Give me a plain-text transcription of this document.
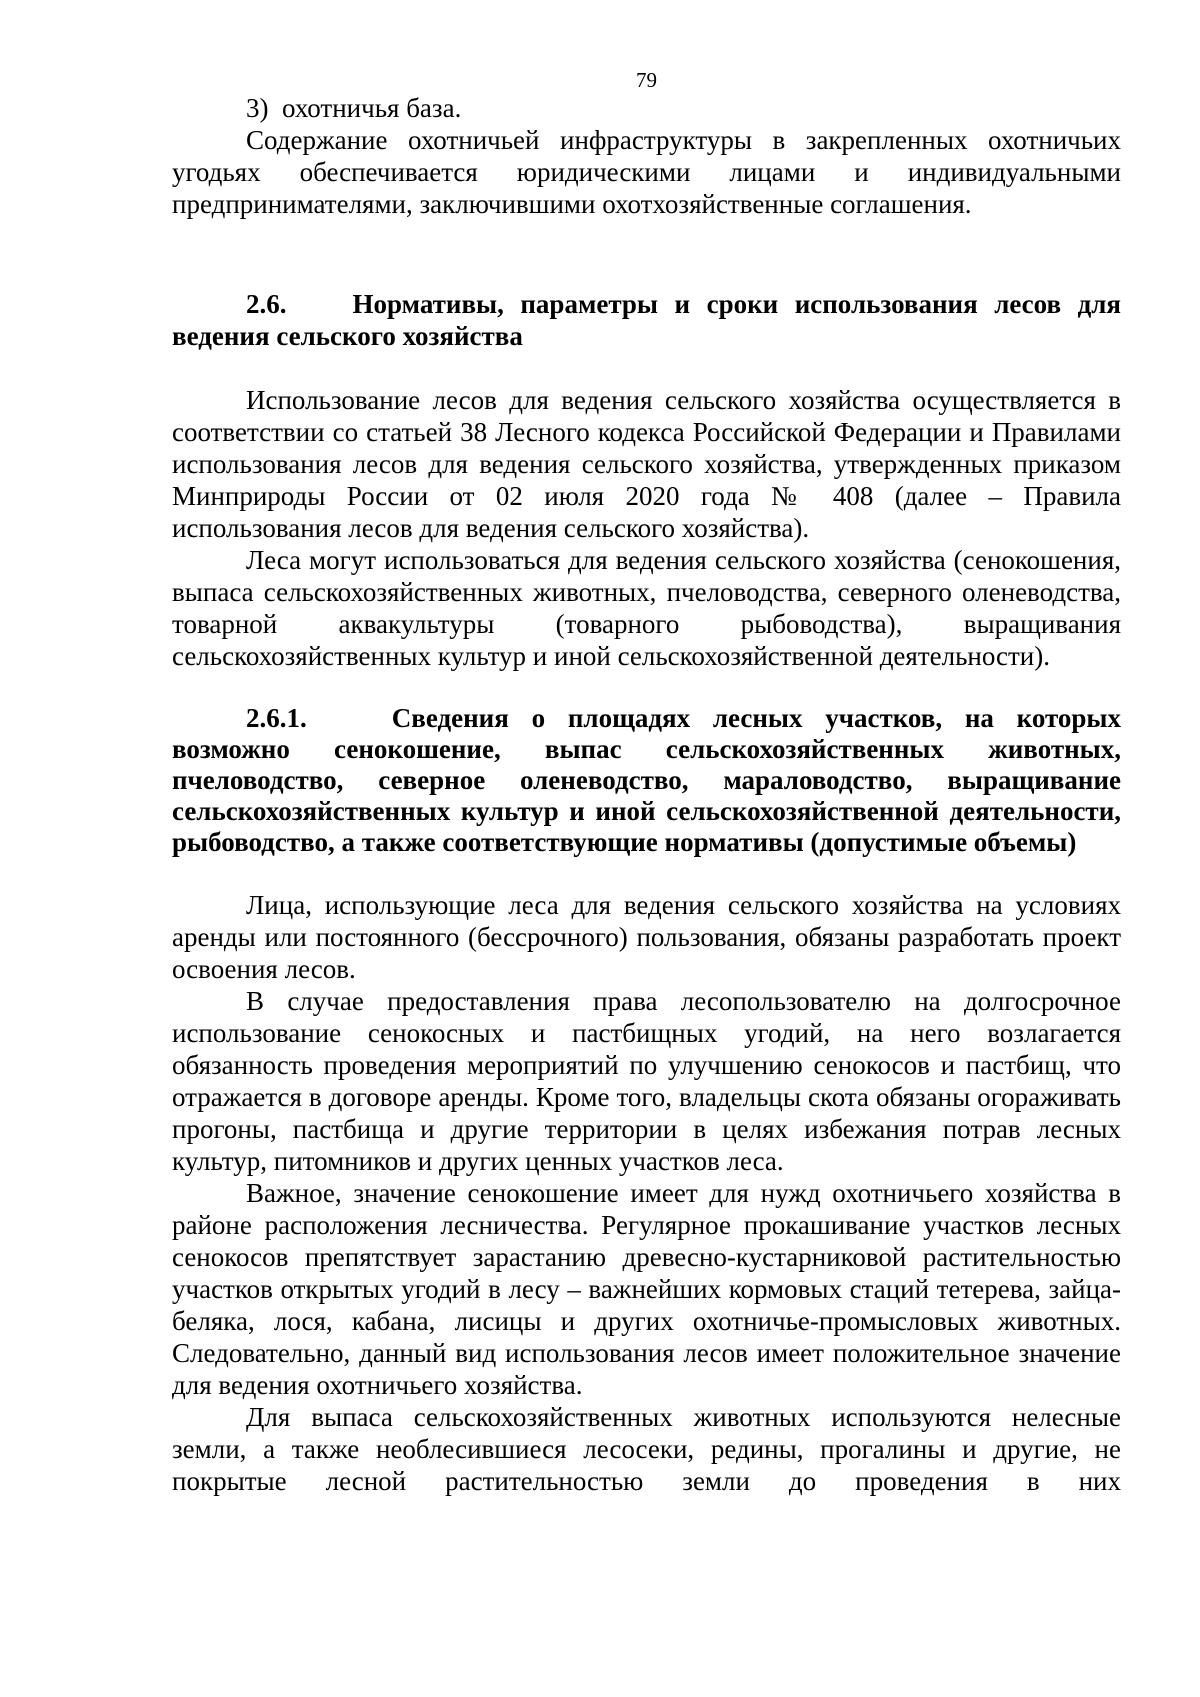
79

3) охотничья база.

Содержание охотничьей инфраструктуры в закрепленных охотничьих угодьях обеспечивается юридическими лицами и индивидуальными предпринимателями, заключившими охотхозяйственные соглашения.

2.6. Нормативы, параметры и сроки использования лесов для ведения сельского хозяйства

Использование лесов для ведения сельского хозяйства осуществляется в соответствии со статьей 38 Лесного кодекса Российской Федерации и Правилами использования лесов для ведения сельского хозяйства, утвержденных приказом Минприроды России от 02 июля 2020 года № 408 (далее – Правила использования лесов для ведения сельского хозяйства).

Леса могут использоваться для ведения сельского хозяйства (сенокошения, выпаса сельскохозяйственных животных, пчеловодства, северного оленеводства, товарной аквакультуры (товарного рыбоводства), выращивания сельскохозяйственных культур и иной сельскохозяйственной деятельности).

2.6.1.	Сведения о площадях лесных участков, на которых возможно сенокошение, выпас сельскохозяйственных животных, пчеловодство, северное оленеводство, мараловодство, выращивание сельскохозяйственных культур и иной сельскохозяйственной деятельности, рыбоводство, а также соответствующие нормативы (допустимые объемы)

Лица, использующие леса для ведения сельского хозяйства на условиях аренды или постоянного (бессрочного) пользования, обязаны разработать проект освоения лесов.

В случае предоставления права лесопользователю на долгосрочное использование сенокосных и пастбищных угодий, на него возлагается обязанность проведения мероприятий по улучшению сенокосов и пастбищ, что отражается в договоре аренды. Кроме того, владельцы скота обязаны огораживать прогоны, пастбища и другие территории в целях избежания потрав лесных культур, питомников и других ценных участков леса.

Важное, значение сенокошение имеет для нужд охотничьего хозяйства в районе расположения лесничества. Регулярное прокашивание участков лесных сенокосов препятствует зарастанию древесно-кустарниковой растительностью участков открытых угодий в лесу – важнейших кормовых стаций тетерева, зайца-беляка, лося, кабана, лисицы и других охотничье-промысловых животных. Следовательно, данный вид использования лесов имеет положительное значение для ведения охотничьего хозяйства.

Для выпаса сельскохозяйственных животных используются нелесные земли, а также необлесившиеся лесосеки, редины, прогалины и другие, не покрытые лесной растительностью земли до проведения в них
